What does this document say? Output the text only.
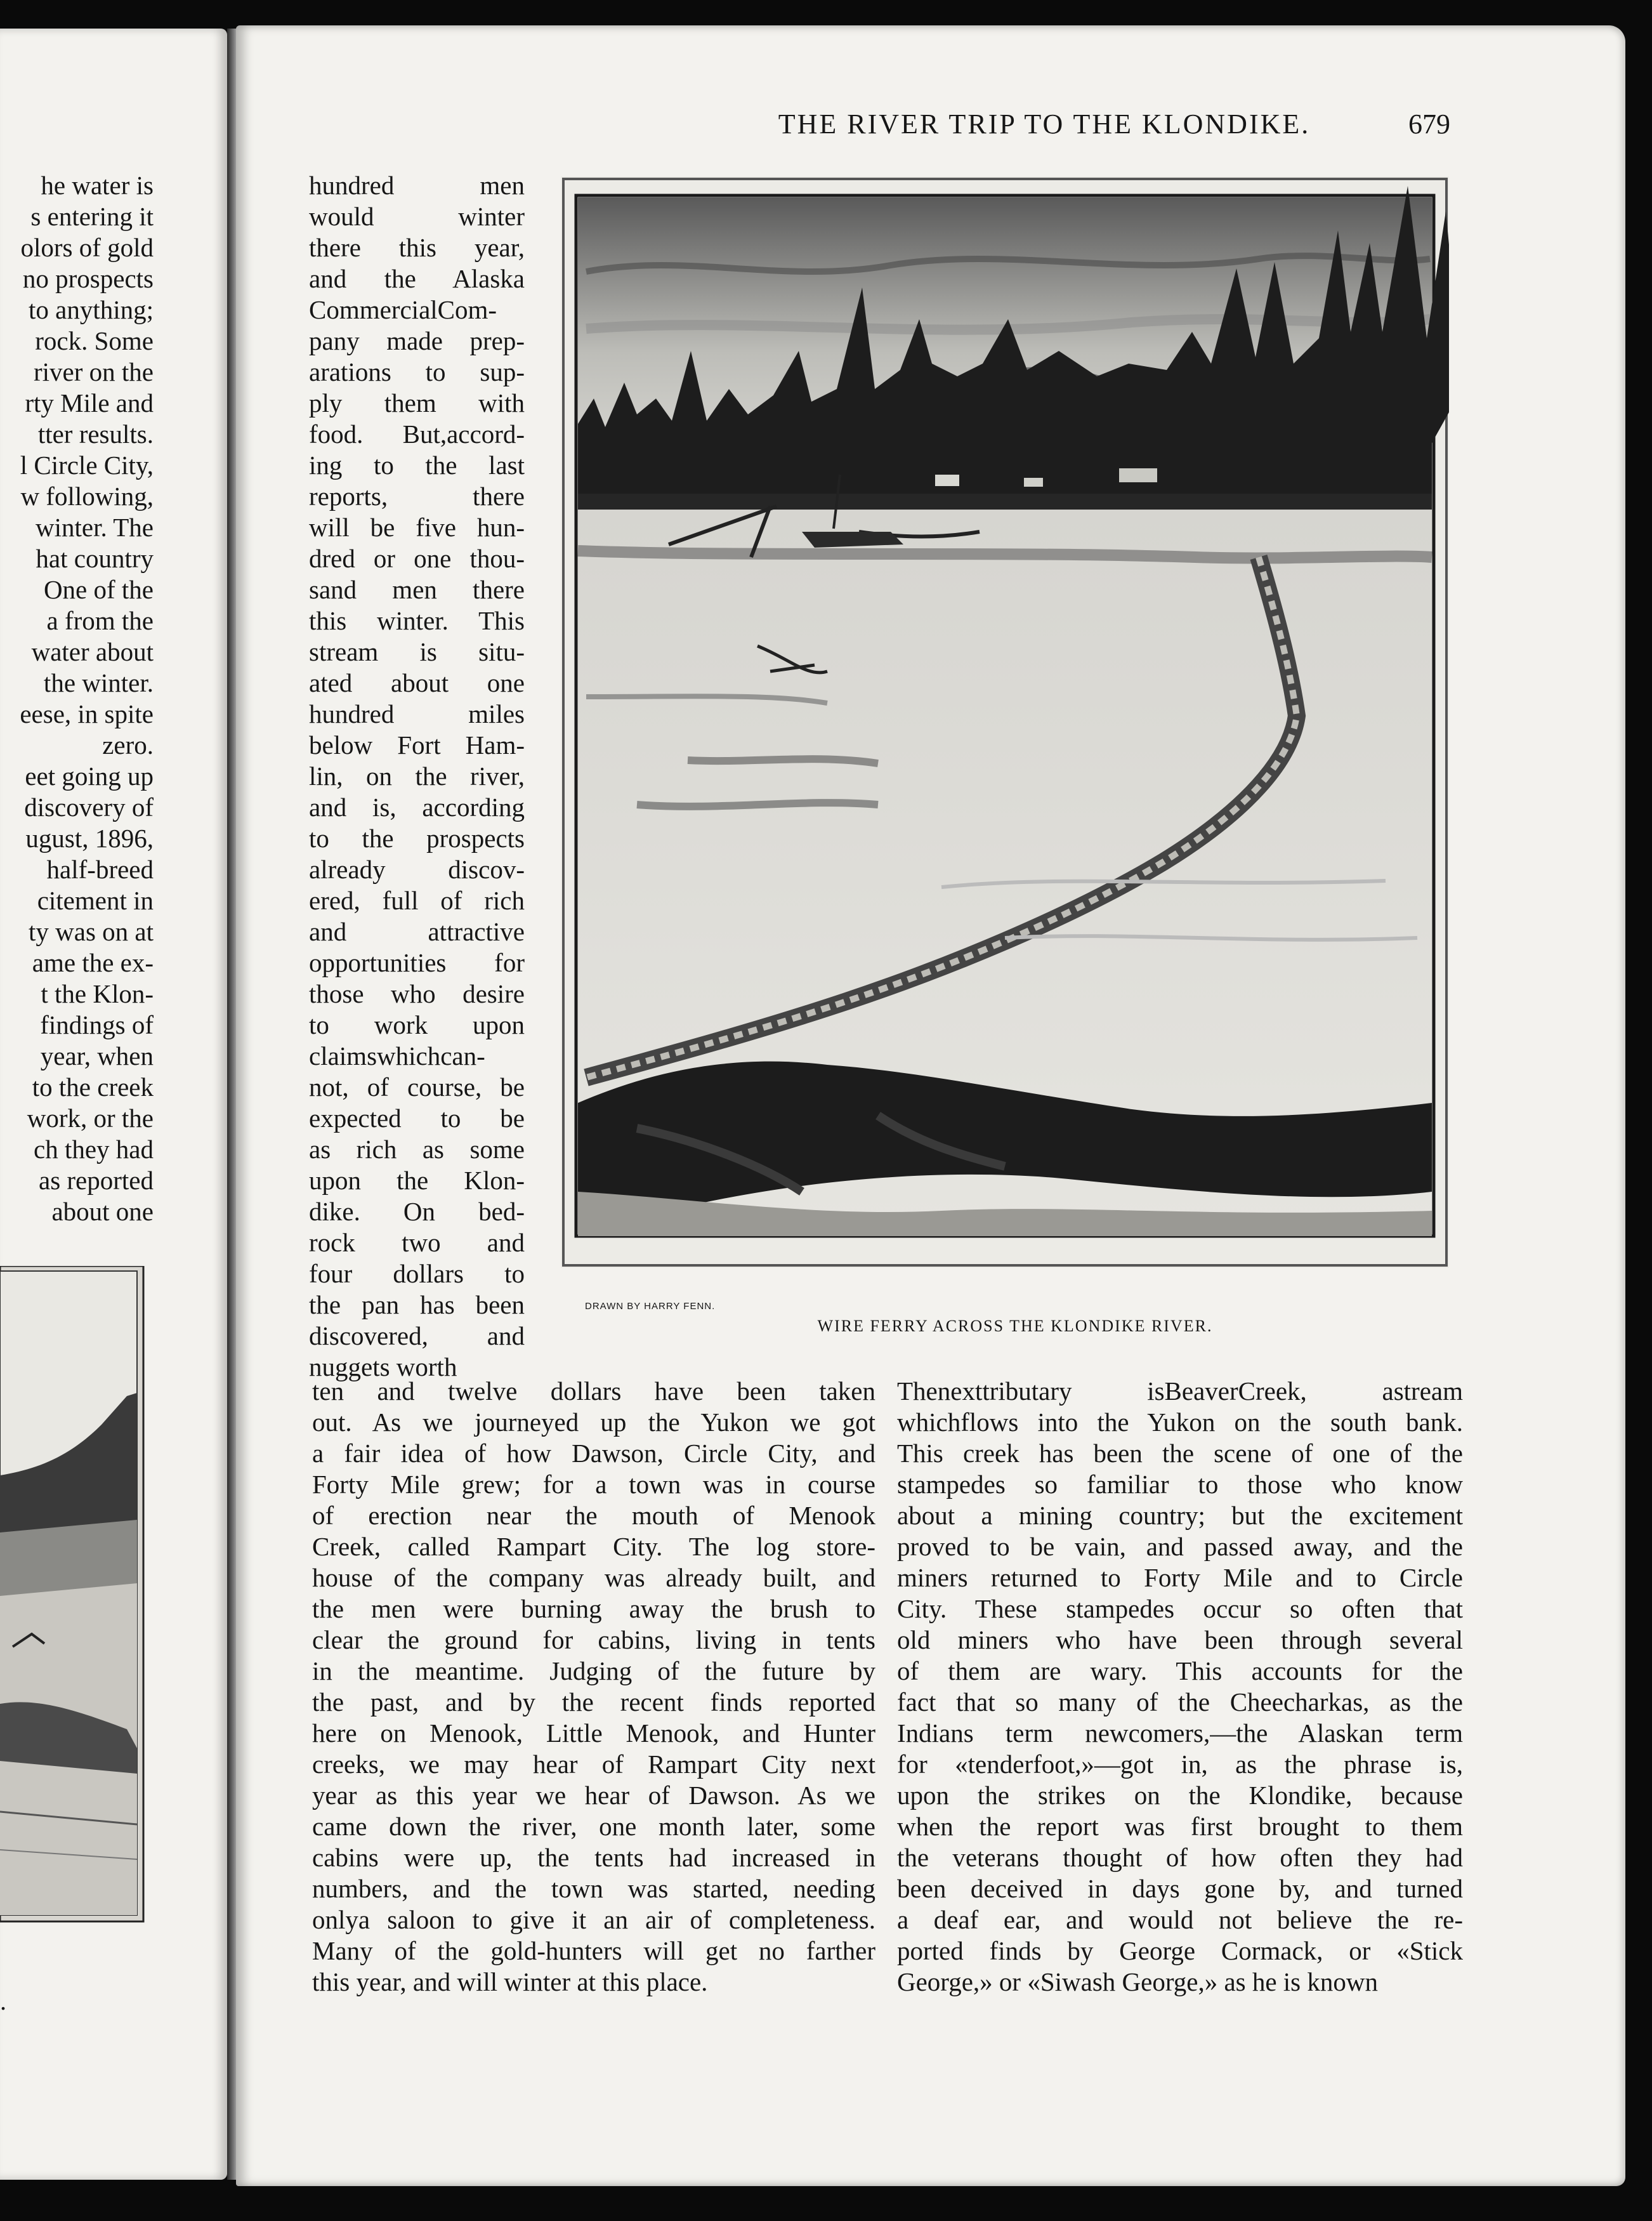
he water is
s entering it
olors of gold
no prospects
to anything;
rock. Some
river on the
rty Mile and
tter results.
l Circle City,
w following,
winter. The
hat country
One of the
a from the
water about
the winter.
eese, in spite
zero.
eet going up
discovery of
ugust, 1896,
half-breed
citement in
ty was on at
ame the ex-
t the Klon-
findings of
year, when
to the creek
work, or the
ch they had
as reported
about one
.
THE RIVER TRIP TO THE KLONDIKE.	679
hundred men
would winter
there this year,
and the Alaska
CommercialCom-
pany made prep-
arations to sup-
ply them with
food. But,accord-
ing to the last
reports, there
will be five hun-
dred or one thou-
sand men there
this winter. This
stream is situ-
ated about one
hundred miles
below Fort Ham-
lin, on the river,
and is, according
to the prospects
already discov-
ered, full of rich
and attractive
opportunities for
those who desire
to work upon
claimswhichcan-
not, of course, be
expected to be
as rich as some
upon the Klon-
dike. On bed-
rock two and
four dollars to
the pan has been
discovered, and
nuggets worth
DRAWN BY HARRY FENN.
WIRE FERRY ACROSS THE KLONDIKE RIVER.
ten and twelve dollars have been taken
out. As we journeyed up the Yukon we got
a fair idea of how Dawson, Circle City, and
Forty Mile grew; for a town was in course
of erection near the mouth of Menook
Creek, called Rampart City. The log store-
house of the company was already built, and
the men were burning away the brush to
clear the ground for cabins, living in tents
in the meantime. Judging of the future by
the past, and by the recent finds reported
here on Menook, Little Menook, and Hunter
creeks, we may hear of Rampart City next
year as this year we hear of Dawson. As we
came down the river, one month later, some
cabins were up, the tents had increased in
numbers, and the town was started, needing
onlya saloon to give it an air of completeness.
Many of the gold-hunters will get no farther
this year, and will winter at this place.
Thenexttributary isBeaverCreek, astream
whichflows into the Yukon on the south bank.
This creek has been the scene of one of the
stampedes so familiar to those who know
about a mining country; but the excitement
proved to be vain, and passed away, and the
miners returned to Forty Mile and to Circle
City. These stampedes occur so often that
old miners who have been through several
of them are wary. This accounts for the
fact that so many of the Cheecharkas, as the
Indians term newcomers,—the Alaskan term
for «tenderfoot,»—got in, as the phrase is,
upon the strikes on the Klondike, because
when the report was first brought to them
the veterans thought of how often they had
been deceived in days gone by, and turned
a deaf ear, and would not believe the re-
ported finds by George Cormack, or «Stick
George,» or «Siwash George,» as he is known
